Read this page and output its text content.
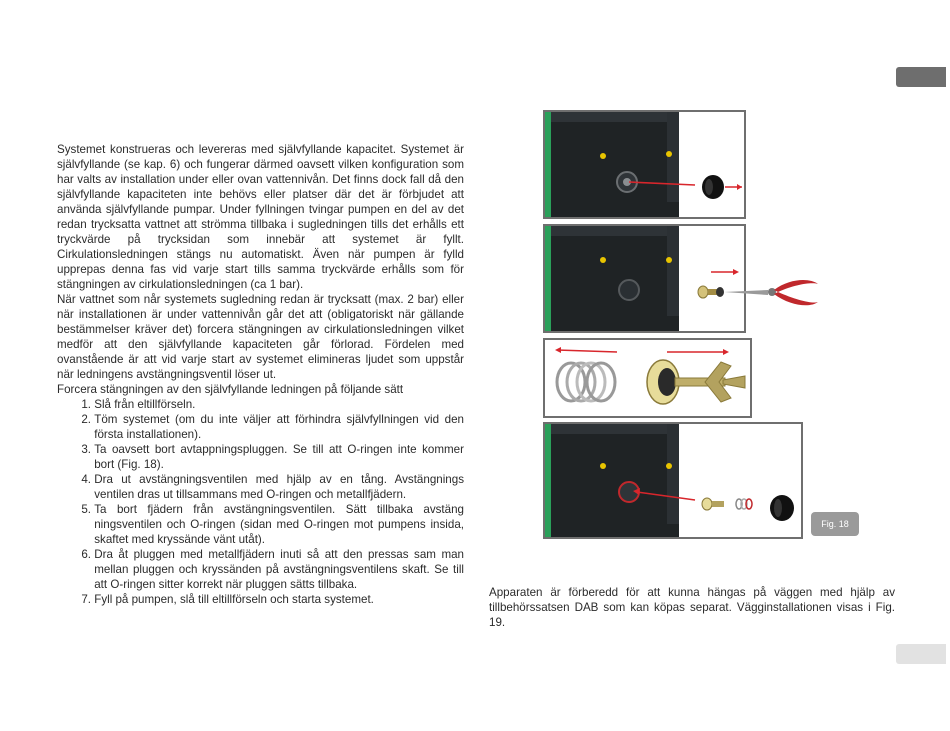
Systemet konstrueras och levereras med självfyllande kapacitet. Systemet är självfyllande (se kap. 6) och fungerar därmed oavsett vilken konfiguration som har valts av installation under eller ovan vattennivån. Det finns dock fall då den självfyllande kapaciteten inte behövs eller platser där det är förbjudet att använda självfyllande pumpar. Under fyllningen tvingar pumpen en del av det redan trycksatta vattnet att strömma tillbaka i sugledningen tills det erhålls ett tryckvärde på trycksidan som innebär att systemet är fyllt. Cirkulationsledningen stängs nu automatiskt. Även när pumpen är fylld upprepas denna fas vid varje start tills samma tryckvärde erhålls som för stängningen av cirkulationsledningen (ca 1 bar).

När vattnet som når systemets sugledning redan är trycksatt (max. 2 bar) eller när installationen är under vattennivån går det att (obligatoriskt när gällande bestämmelser kräver det) forcera stängningen av cirkulationsledningen vilket medför att den självfyllande kapaciteten går förlorad. Fördelen med ovanstående är att vid varje start av systemet elimineras ljudet som uppstår när ledningens avstängningsventil löser ut.

Forcera stängningen av den självfyllande ledningen på följande sätt

1.
Slå från eltillförseln.
2.
Töm systemet (om du inte väljer att förhindra självfyllningen vid den första installationen).
3.
Ta oavsett bort avtappningspluggen. Se till att O-ringen inte kommer bort (Fig. 18).
4.
Dra ut avstängningsventilen med hjälp av en tång. Avstängnings ventilen dras ut tillsammans med O-ringen och metallfjädern.
5.
Ta bort fjädern från avstängningsventilen. Sätt tillbaka avstäng ningsventilen och O-ringen (sidan med O-ringen mot pumpens insida, skaftet med kryssände vänt utåt).
6.
Dra åt pluggen med metallfjädern inuti så att den pressas sam man mellan pluggen och kryssänden på avstängningsventilens skaft. Se till att O-ringen sitter korrekt när pluggen sätts tillbaka.
7.
Fyll på pumpen, slå till eltillförseln och starta systemet.
Fig. 18

Apparaten är förberedd för att kunna hängas på väggen med hjälp av tillbehörssatsen DAB som kan köpas separat. Vägginstallationen visas i Fig. 19.
